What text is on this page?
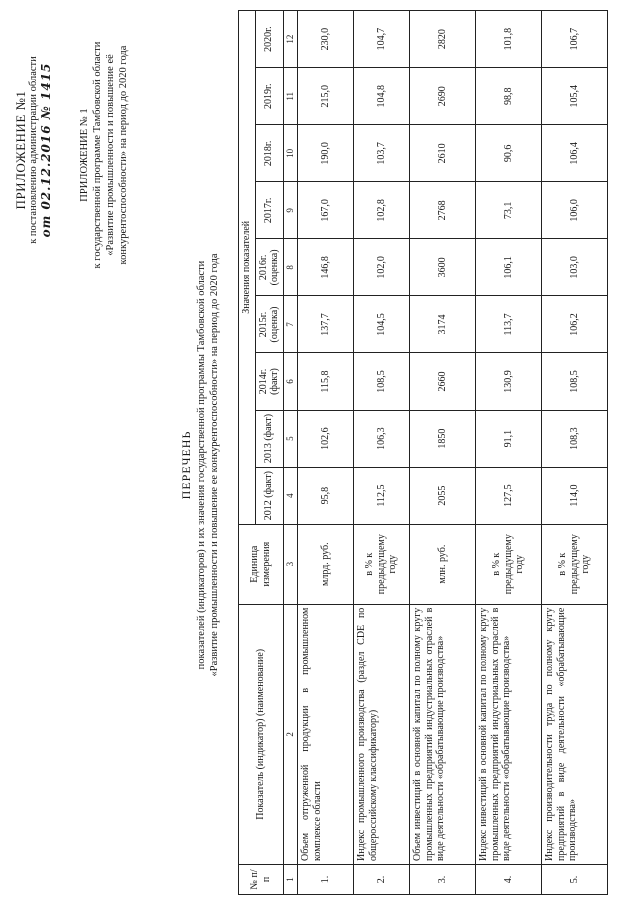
ПРИЛОЖЕНИЕ №1 к постановлению администрации области от 02.12.2016 № 1415 ПРИЛОЖЕНИЕ № 1 к государственной программе Тамбовской области «Развитие промышленности и повышение её конкурентоспособности» на период до 2020 года
ПЕРЕЧЕНЬ показателей (индикаторов) и их значения государственной программы Тамбовской области «Развитие промышленности и повышение ее конкурентоспособности» на период до 2020 года
№ п/п	Показатель (индикатор) (наименование)	Единица измерения	Значения показателей								
			2012 (факт)	2013 (факт)	2014г. (факт)	2015г. (оценка)	2016г. (оценка)	2017г.	2018г.	2019г.	2020г.
1	2	3	4	5	6	7	8	9	10	11	12
1.	Объем отгруженной продукции в промышленном комплексе области	млрд. руб.	95,8	102,6	115,8	137,7	146,8	167,0	190,0	215,0	230,0
2.	Индекс промышленного производства (раздел CDE по общероссийскому классификатору)	в % к предыдущему году	112,5	106,3	108,5	104,5	102,0	102,8	103,7	104,8	104,7
3.	Объем инвестиций в основной капитал по полному кругу промышленных предприятий индустриальных отраслей в виде деятельности «обрабатывающие производства»	млн. руб.	2055	1850	2660	3174	3600	2768	2610	2690	2820
4.	Индекс инвестиций в основной капитал по полному кругу промышленных предприятий индустриальных отраслей в виде деятельности «обрабатывающие производства»	в % к предыдущему году	127,5	91,1	130,9	113,7	106,1	73,1	90,6	98,8	101,8
5.	Индекс производительности труда по полному кругу предприятий в виде деятельности «обрабатывающие производства»	в % к предыдущему году	114,0	108,3	108,5	106,2	103,0	106,0	106,4	105,4	106,7
